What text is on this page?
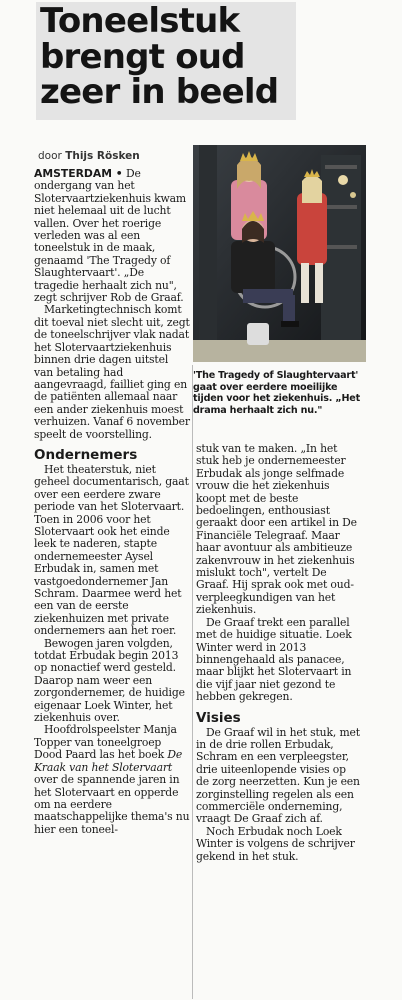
Toneelstuk
brengt oud
zeer in beeld
door Thijs Rösken
'The Tragedy of Slaughtervaart' gaat over eerdere moeilijke tijden voor het ziekenhuis. „Het drama herhaalt zich nu."

AMSTERDAM • De ondergang van het Slotervaartziekenhuis kwam niet helemaal uit de lucht vallen. Over het roerige verleden was al een toneelstuk in de maak, genaamd 'The Tragedy of Slaughtervaart'. „De tragedie herhaalt zich nu", zegt schrijver Rob de Graaf.

Marketingtechnisch komt dit toeval niet slecht uit, zegt de toneelschrijver vlak nadat het Slotervaartziekenhuis binnen drie dagen uitstel van betaling had aangevraagd, failliet ging en de patiënten allemaal naar een ander ziekenhuis moest verhuizen. Vanaf 6 november speelt de voorstelling.

Ondernemers

Het theaterstuk, niet geheel documentarisch, gaat over een eerdere zware periode van het Slotervaart. Toen in 2006 voor het Slotervaart ook het einde leek te naderen, stapte ondernemeester Aysel Erbudak in, samen met vastgoedondernemer Jan Schram. Daarmee werd het een van de eerste ziekenhuizen met private ondernemers aan het roer.

Bewogen jaren volgden, totdat Erbudak begin 2013 op nonactief werd gesteld. Daarop nam weer een zorgondernemer, de huidige eigenaar Loek Winter, het ziekenhuis over.

Hoofdrolspeelster Manja Topper van toneelgroep Dood Paard las het boek De Kraak van het Slotervaart over de spannende jaren in het Slotervaart en opperde om na eerdere maatschappelijke thema's nu hier een toneel-

stuk van te maken. „In het stuk heb je ondernemeester Erbudak als jonge selfmade vrouw die het ziekenhuis koopt met de beste bedoelingen, enthousiast geraakt door een artikel in De Financiële Telegraaf. Maar haar avontuur als ambitieuze zakenvrouw in het ziekenhuis mislukt toch", vertelt De Graaf. Hij sprak ook met oud-verpleegkundigen van het ziekenhuis.

De Graaf trekt een parallel met de huidige situatie. Loek Winter werd in 2013 binnengehaald als panacee, maar blijkt het Slotervaart in die vijf jaar niet gezond te hebben gekregen.

Visies

De Graaf wil in het stuk, met in de drie rollen Erbudak, Schram en een verpleegster, drie uiteenlopende visies op de zorg neerzetten. Kun je een zorginstelling regelen als een commerciële onderneming, vraagt De Graaf zich af.

Noch Erbudak noch Loek Winter is volgens de schrijver gekend in het stuk.
